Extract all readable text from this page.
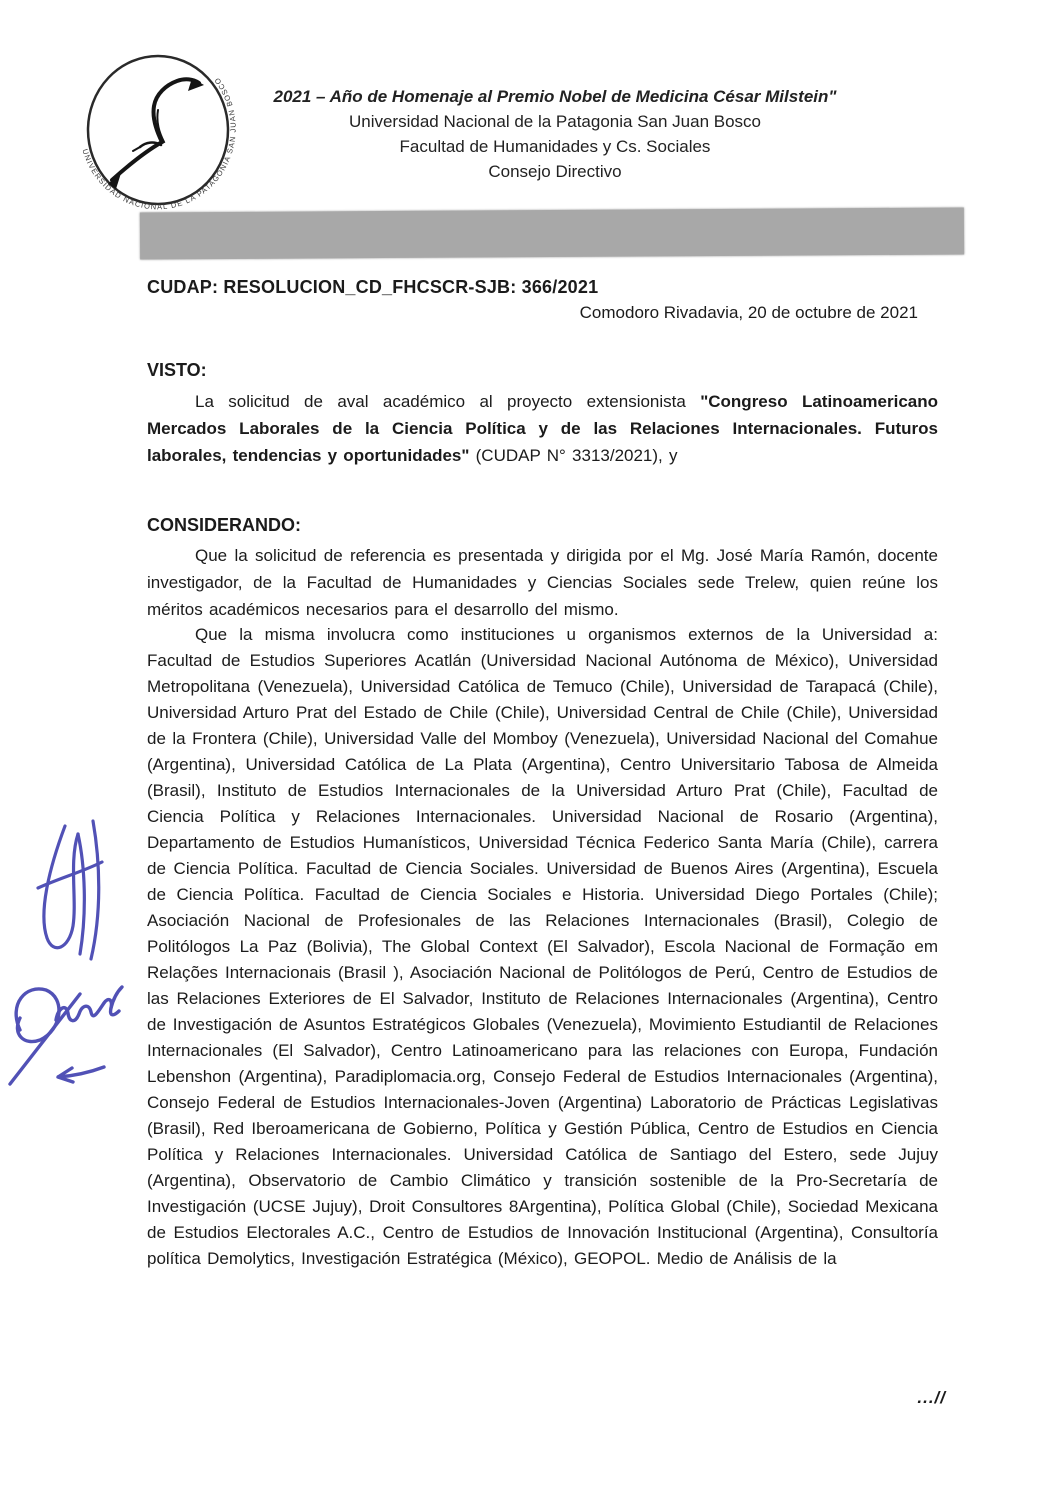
UNIVERSIDAD NACIONAL DE LA PATAGONIA SAN JUAN BOSCO
2021 – Año de Homenaje al Premio Nobel de Medicina César Milstein"
Universidad Nacional de la Patagonia San Juan Bosco
Facultad de Humanidades y Cs. Sociales
Consejo Directivo
CUDAP: RESOLUCION_CD_FHCSCR-SJB: 366/2021
Comodoro Rivadavia, 20 de octubre de 2021
VISTO:
La solicitud de aval académico al proyecto extensionista "Congreso Latinoamericano Mercados Laborales de la Ciencia Política y de las Relaciones Internacionales. Futuros laborales, tendencias y oportunidades" (CUDAP N° 3313/2021), y
CONSIDERANDO:
Que la solicitud de referencia es presentada y dirigida por el Mg. José María Ramón, docente investigador, de la Facultad de Humanidades y Ciencias Sociales sede Trelew, quien reúne los méritos académicos necesarios para el desarrollo del mismo.
Que la misma involucra como instituciones u organismos externos de la Universidad a: Facultad de Estudios Superiores Acatlán (Universidad Nacional Autónoma de México), Universidad Metropolitana (Venezuela), Universidad Católica de Temuco (Chile), Universidad de Tarapacá (Chile), Universidad Arturo Prat del Estado de Chile (Chile), Universidad Central de Chile (Chile), Universidad de la Frontera (Chile), Universidad Valle del Momboy (Venezuela), Universidad Nacional del Comahue (Argentina), Universidad Católica de La Plata (Argentina), Centro Universitario Tabosa de Almeida (Brasil), Instituto de Estudios Internacionales de la Universidad Arturo Prat (Chile), Facultad de Ciencia Política y Relaciones Internacionales. Universidad Nacional de Rosario (Argentina), Departamento de Estudios Humanísticos, Universidad Técnica Federico Santa María (Chile), carrera de Ciencia Política. Facultad de Ciencia Sociales. Universidad de Buenos Aires (Argentina), Escuela de Ciencia Política. Facultad de Ciencia Sociales e Historia. Universidad Diego Portales (Chile); Asociación Nacional de Profesionales de las Relaciones Internacionales (Brasil), Colegio de Politólogos La Paz (Bolivia), The Global Context (El Salvador), Escola Nacional de Formação em Relações Internacionais (Brasil ), Asociación Nacional de Politólogos de Perú, Centro de Estudios de las Relaciones Exteriores de El Salvador, Instituto de Relaciones Internacionales (Argentina), Centro de Investigación de Asuntos Estratégicos Globales (Venezuela), Movimiento Estudiantil de Relaciones Internacionales (El Salvador), Centro Latinoamericano para las relaciones con Europa, Fundación Lebenshon (Argentina), Paradiplomacia.org, Consejo Federal de Estudios Internacionales (Argentina), Consejo Federal de Estudios Internacionales-Joven (Argentina) Laboratorio de Prácticas Legislativas (Brasil), Red Iberoamericana de Gobierno, Política y Gestión Pública, Centro de Estudios en Ciencia Política y Relaciones Internacionales. Universidad Católica de Santiago del Estero, sede Jujuy (Argentina), Observatorio de Cambio Climático y transición sostenible de la Pro-Secretaría de Investigación (UCSE Jujuy), Droit Consultores 8Argentina), Política Global (Chile), Sociedad Mexicana de Estudios Electorales A.C., Centro de Estudios de Innovación Institucional (Argentina), Consultoría política Demolytics, Investigación Estratégica (México), GEOPOL. Medio de Análisis de la
...//
